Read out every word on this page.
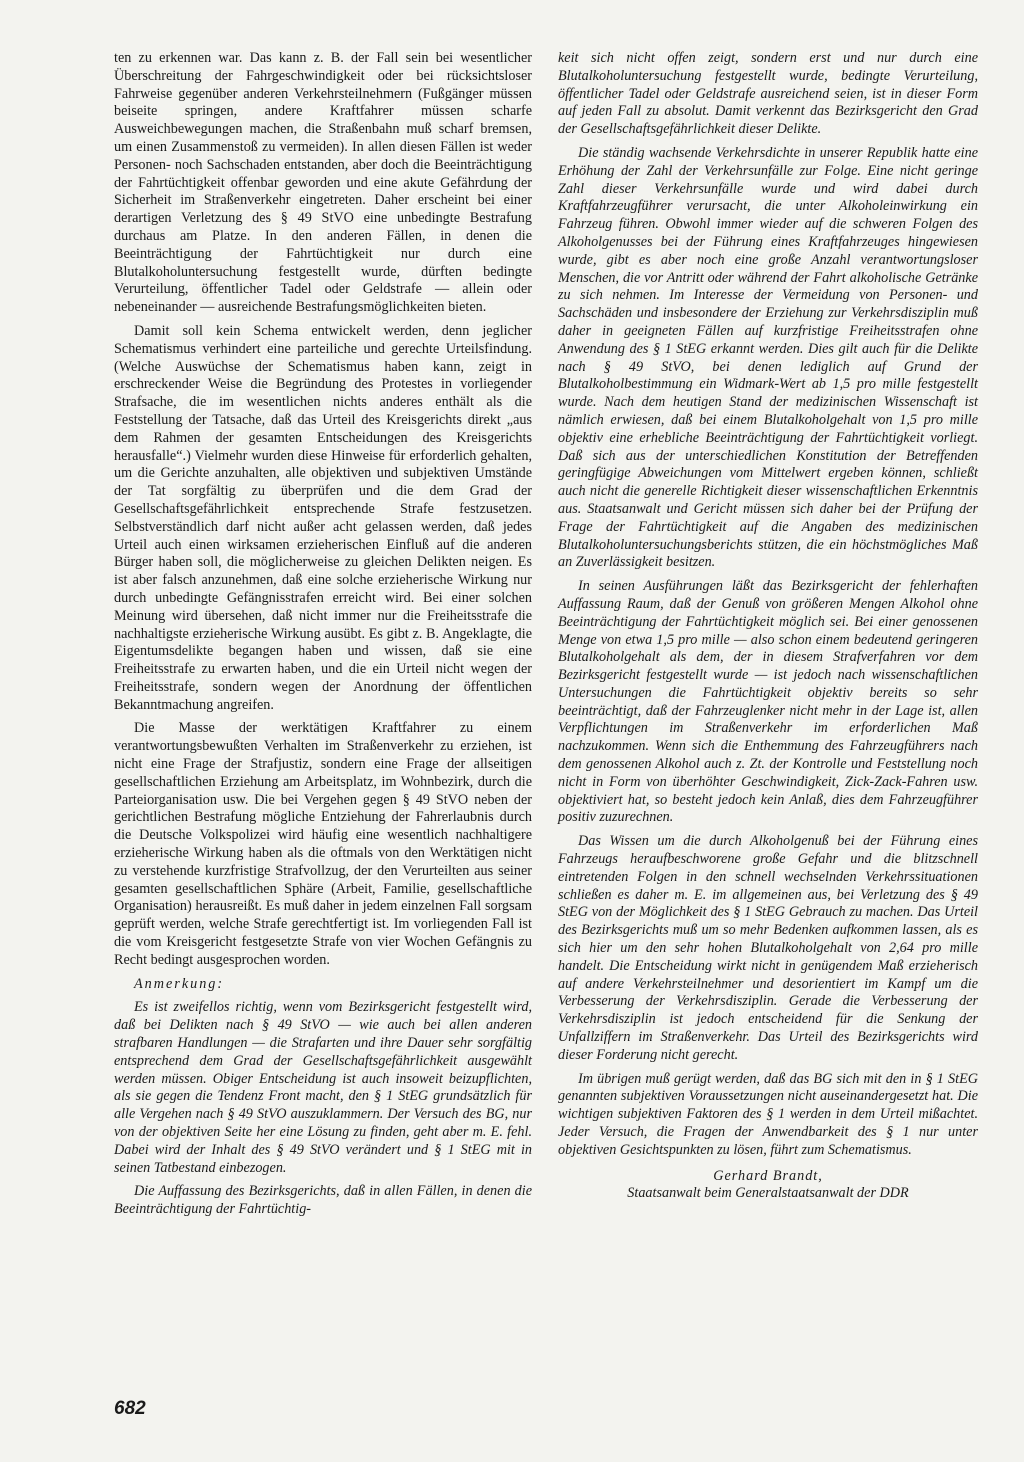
ten zu erkennen war. Das kann z. B. der Fall sein bei wesentlicher Überschreitung der Fahrgeschwindigkeit oder bei rücksichtsloser Fahrweise gegenüber anderen Verkehrsteilnehmern (Fußgänger müssen beiseite springen, andere Kraftfahrer müssen scharfe Ausweichbewegungen machen, die Straßenbahn muß scharf bremsen, um einen Zusammenstoß zu vermeiden). In allen diesen Fällen ist weder Personen- noch Sachschaden entstanden, aber doch die Beeinträchtigung der Fahrtüchtigkeit offenbar geworden und eine akute Gefährdung der Sicherheit im Straßenverkehr eingetreten. Daher erscheint bei einer derartigen Verletzung des § 49 StVO eine unbedingte Bestrafung durchaus am Platze. In den anderen Fällen, in denen die Beeinträchtigung der Fahrtüchtigkeit nur durch eine Blutalkoholuntersuchung festgestellt wurde, dürften bedingte Verurteilung, öffentlicher Tadel oder Geldstrafe — allein oder nebeneinander — ausreichende Bestrafungsmöglichkeiten bieten.

Damit soll kein Schema entwickelt werden, denn jeglicher Schematismus verhindert eine parteiliche und gerechte Urteilsfindung. (Welche Auswüchse der Schematismus haben kann, zeigt in erschreckender Weise die Begründung des Protestes in vorliegender Strafsache, die im wesentlichen nichts anderes enthält als die Feststellung der Tatsache, daß das Urteil des Kreisgerichts direkt „aus dem Rahmen der gesamten Entscheidungen des Kreisgerichts herausfalle“.) Vielmehr wurden diese Hinweise für erforderlich gehalten, um die Gerichte anzuhalten, alle objektiven und subjektiven Umstände der Tat sorgfältig zu überprüfen und die dem Grad der Gesellschaftsgefährlichkeit entsprechende Strafe festzusetzen. Selbstverständlich darf nicht außer acht gelassen werden, daß jedes Urteil auch einen wirksamen erzieherischen Einfluß auf die anderen Bürger haben soll, die möglicherweise zu gleichen Delikten neigen. Es ist aber falsch anzunehmen, daß eine solche erzieherische Wirkung nur durch unbedingte Gefängnisstrafen erreicht wird. Bei einer solchen Meinung wird übersehen, daß nicht immer nur die Freiheitsstrafe die nachhaltigste erzieherische Wirkung ausübt. Es gibt z. B. Angeklagte, die Eigentumsdelikte begangen haben und wissen, daß sie eine Freiheitsstrafe zu erwarten haben, und die ein Urteil nicht wegen der Freiheitsstrafe, sondern wegen der Anordnung der öffentlichen Bekanntmachung angreifen.

Die Masse der werktätigen Kraftfahrer zu einem verantwortungsbewußten Verhalten im Straßenverkehr zu erziehen, ist nicht eine Frage der Strafjustiz, sondern eine Frage der allseitigen gesellschaftlichen Erziehung am Arbeitsplatz, im Wohnbezirk, durch die Parteiorganisation usw. Die bei Vergehen gegen § 49 StVO neben der gerichtlichen Bestrafung mögliche Entziehung der Fahrerlaubnis durch die Deutsche Volkspolizei wird häufig eine wesentlich nachhaltigere erzieherische Wirkung haben als die oftmals von den Werktätigen nicht zu verstehende kurzfristige Strafvollzug, der den Verurteilten aus seiner gesamten gesellschaftlichen Sphäre (Arbeit, Familie, gesellschaftliche Organisation) herausreißt. Es muß daher in jedem einzelnen Fall sorgsam geprüft werden, welche Strafe gerechtfertigt ist. Im vorliegenden Fall ist die vom Kreisgericht festgesetzte Strafe von vier Wochen Gefängnis zu Recht bedingt ausgesprochen worden.

Anmerkung:

Es ist zweifellos richtig, wenn vom Bezirksgericht festgestellt wird, daß bei Delikten nach § 49 StVO — wie auch bei allen anderen strafbaren Handlungen — die Strafarten und ihre Dauer sehr sorgfältig entsprechend dem Grad der Gesellschaftsgefährlichkeit ausgewählt werden müssen. Obiger Entscheidung ist auch insoweit beizupflichten, als sie gegen die Tendenz Front macht, den § 1 StEG grundsätzlich für alle Vergehen nach § 49 StVO auszuklammern. Der Versuch des BG, nur von der objektiven Seite her eine Lösung zu finden, geht aber m. E. fehl. Dabei wird der Inhalt des § 49 StVO verändert und § 1 StEG mit in seinen Tatbestand einbezogen.

Die Auffassung des Bezirksgerichts, daß in allen Fällen, in denen die Beeinträchtigung der Fahrtüchtig-

keit sich nicht offen zeigt, sondern erst und nur durch eine Blutalkoholuntersuchung festgestellt wurde, bedingte Verurteilung, öffentlicher Tadel oder Geldstrafe ausreichend seien, ist in dieser Form auf jeden Fall zu absolut. Damit verkennt das Bezirksgericht den Grad der Gesellschaftsgefährlichkeit dieser Delikte.

Die ständig wachsende Verkehrsdichte in unserer Republik hatte eine Erhöhung der Zahl der Verkehrsunfälle zur Folge. Eine nicht geringe Zahl dieser Verkehrsunfälle wurde und wird dabei durch Kraftfahrzeugführer verursacht, die unter Alkoholeinwirkung ein Fahrzeug führen. Obwohl immer wieder auf die schweren Folgen des Alkoholgenusses bei der Führung eines Kraftfahrzeuges hingewiesen wurde, gibt es aber noch eine große Anzahl verantwortungsloser Menschen, die vor Antritt oder während der Fahrt alkoholische Getränke zu sich nehmen. Im Interesse der Vermeidung von Personen- und Sachschäden und insbesondere der Erziehung zur Verkehrsdisziplin muß daher in geeigneten Fällen auf kurzfristige Freiheitsstrafen ohne Anwendung des § 1 StEG erkannt werden. Dies gilt auch für die Delikte nach § 49 StVO, bei denen lediglich auf Grund der Blutalkoholbestimmung ein Widmark-Wert ab 1,5 pro mille festgestellt wurde. Nach dem heutigen Stand der medizinischen Wissenschaft ist nämlich erwiesen, daß bei einem Blutalkoholgehalt von 1,5 pro mille objektiv eine erhebliche Beeinträchtigung der Fahrtüchtigkeit vorliegt. Daß sich aus der unterschiedlichen Konstitution der Betreffenden geringfügige Abweichungen vom Mittelwert ergeben können, schließt auch nicht die generelle Richtigkeit dieser wissenschaftlichen Erkenntnis aus. Staatsanwalt und Gericht müssen sich daher bei der Prüfung der Frage der Fahrtüchtigkeit auf die Angaben des medizinischen Blutalkoholuntersuchungsberichts stützen, die ein höchstmögliches Maß an Zuverlässigkeit besitzen.

In seinen Ausführungen läßt das Bezirksgericht der fehlerhaften Auffassung Raum, daß der Genuß von größeren Mengen Alkohol ohne Beeinträchtigung der Fahrtüchtigkeit möglich sei. Bei einer genossenen Menge von etwa 1,5 pro mille — also schon einem bedeutend geringeren Blutalkoholgehalt als dem, der in diesem Strafverfahren vor dem Bezirksgericht festgestellt wurde — ist jedoch nach wissenschaftlichen Untersuchungen die Fahrtüchtigkeit objektiv bereits so sehr beeinträchtigt, daß der Fahrzeuglenker nicht mehr in der Lage ist, allen Verpflichtungen im Straßenverkehr im erforderlichen Maß nachzukommen. Wenn sich die Enthemmung des Fahrzeugführers nach dem genossenen Alkohol auch z. Zt. der Kontrolle und Feststellung noch nicht in Form von überhöhter Geschwindigkeit, Zick-Zack-Fahren usw. objektiviert hat, so besteht jedoch kein Anlaß, dies dem Fahrzeugführer positiv zuzurechnen.

Das Wissen um die durch Alkoholgenuß bei der Führung eines Fahrzeugs heraufbeschworene große Gefahr und die blitzschnell eintretenden Folgen in den schnell wechselnden Verkehrssituationen schließen es daher m. E. im allgemeinen aus, bei Verletzung des § 49 StEG von der Möglichkeit des § 1 StEG Gebrauch zu machen. Das Urteil des Bezirksgerichts muß um so mehr Bedenken aufkommen lassen, als es sich hier um den sehr hohen Blutalkoholgehalt von 2,64 pro mille handelt. Die Entscheidung wirkt nicht in genügendem Maß erzieherisch auf andere Verkehrsteilnehmer und desorientiert im Kampf um die Verbesserung der Verkehrsdisziplin. Gerade die Verbesserung der Verkehrsdisziplin ist jedoch entscheidend für die Senkung der Unfallziffern im Straßenverkehr. Das Urteil des Bezirksgerichts wird dieser Forderung nicht gerecht.

Im übrigen muß gerügt werden, daß das BG sich mit den in § 1 StEG genannten subjektiven Voraussetzungen nicht auseinandergesetzt hat. Die wichtigen subjektiven Faktoren des § 1 werden in dem Urteil mißachtet. Jeder Versuch, die Fragen der Anwendbarkeit des § 1 nur unter objektiven Gesichtspunkten zu lösen, führt zum Schematismus.

Gerhard Brandt,
Staatsanwalt beim Generalstaatsanwalt der DDR
682
